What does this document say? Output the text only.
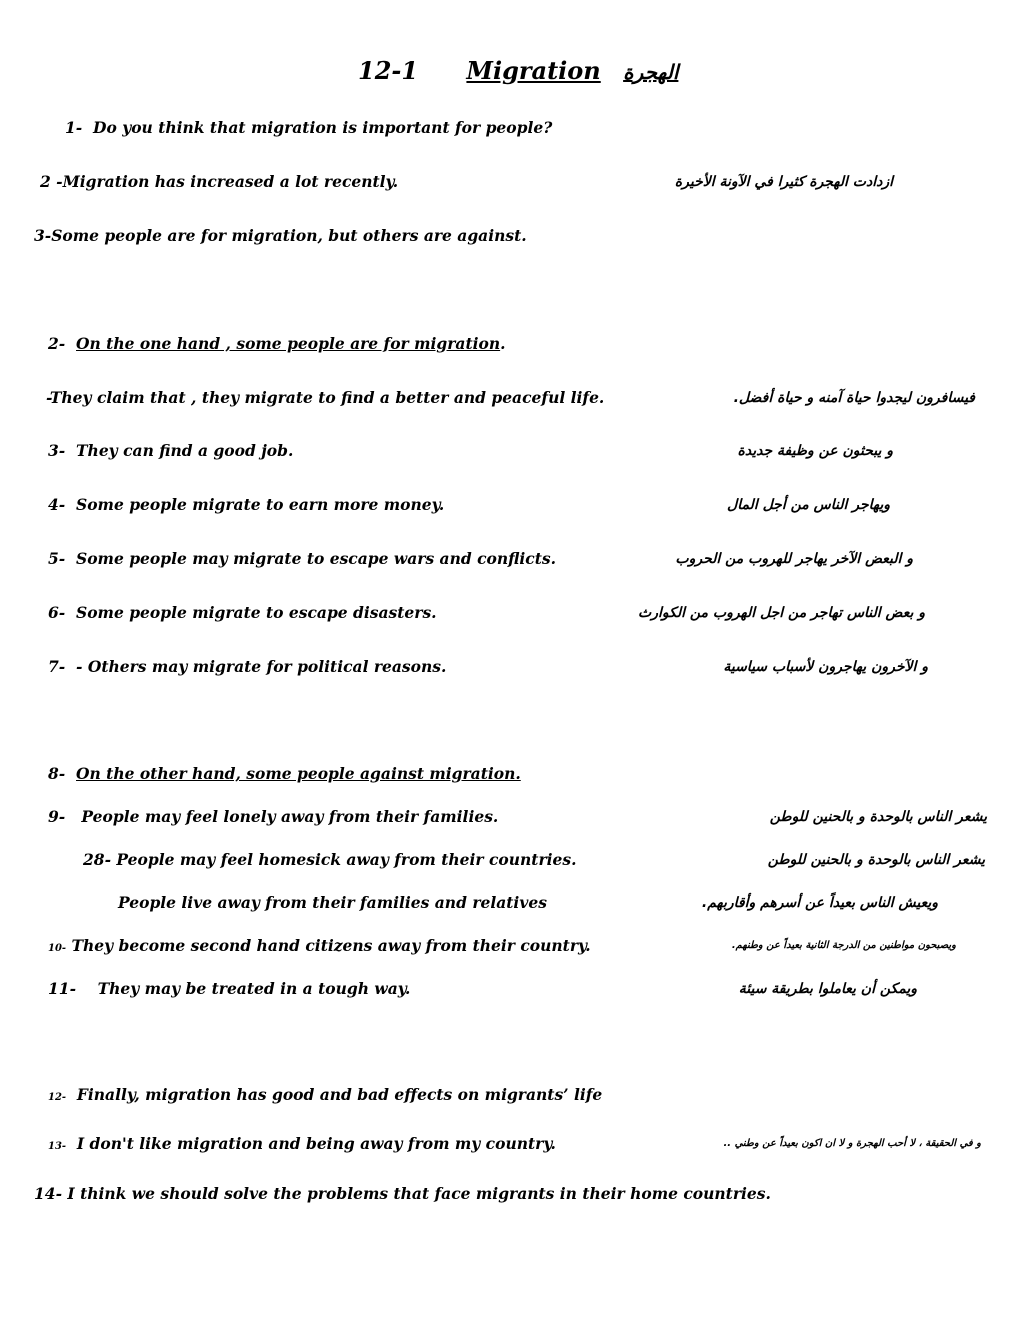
12-1 Migration الهجرة
1- Do you think that migration is important for people?
2 -Migration has increased a lot recently.	ازدادت الهجرة كثيرا في الآونة الأخيرة
3-Some people are for migration, but others are against.
2- On the one hand , some people are for migration.
-They claim that , they migrate to find a better and peaceful life.	فيسافرون ليجدوا حياة آمنه و حياة أفضل.
3- They can find a good job.	و يبحثون عن وظيفة جديدة
4- Some people migrate to earn more money.	ويهاجر الناس من أجل المال
5- Some people may migrate to escape wars and conflicts.	و البعض الآخر يهاجر للهروب من الحروب
6- Some people migrate to escape disasters.	و بعض الناس تهاجر من اجل الهروب من الكوارث
7- - Others may migrate for political reasons.	و الآخرون يهاجرون لأسباب سياسية
8- On the other hand, some people against migration.
9- People may feel lonely away from their families.	يشعر الناس بالوحدة و بالحنين للوطن
28- People may feel homesick away from their countries.	يشعر الناس بالوحدة و بالحنين للوطن
People live away from their families and relatives	ويعيش الناس بعيداً عن أسرهم وأقاربهم.
10- They become second hand citizens away from their country.	ويصبحون مواطنين من الدرجة الثانية بعيداً عن وطنهم.
11- They may be treated in a tough way.	ويمكن أن يعاملوا بطريقة سيئة
12- Finally, migration has good and bad effects on migrants’ life
13- I don't like migration and being away from my country.	و في الحقيقة ، لا أحب الهجرة و لا ان اكون بعيداً عن وطني ..
14- I think we should solve the problems that face migrants in their home countries.
